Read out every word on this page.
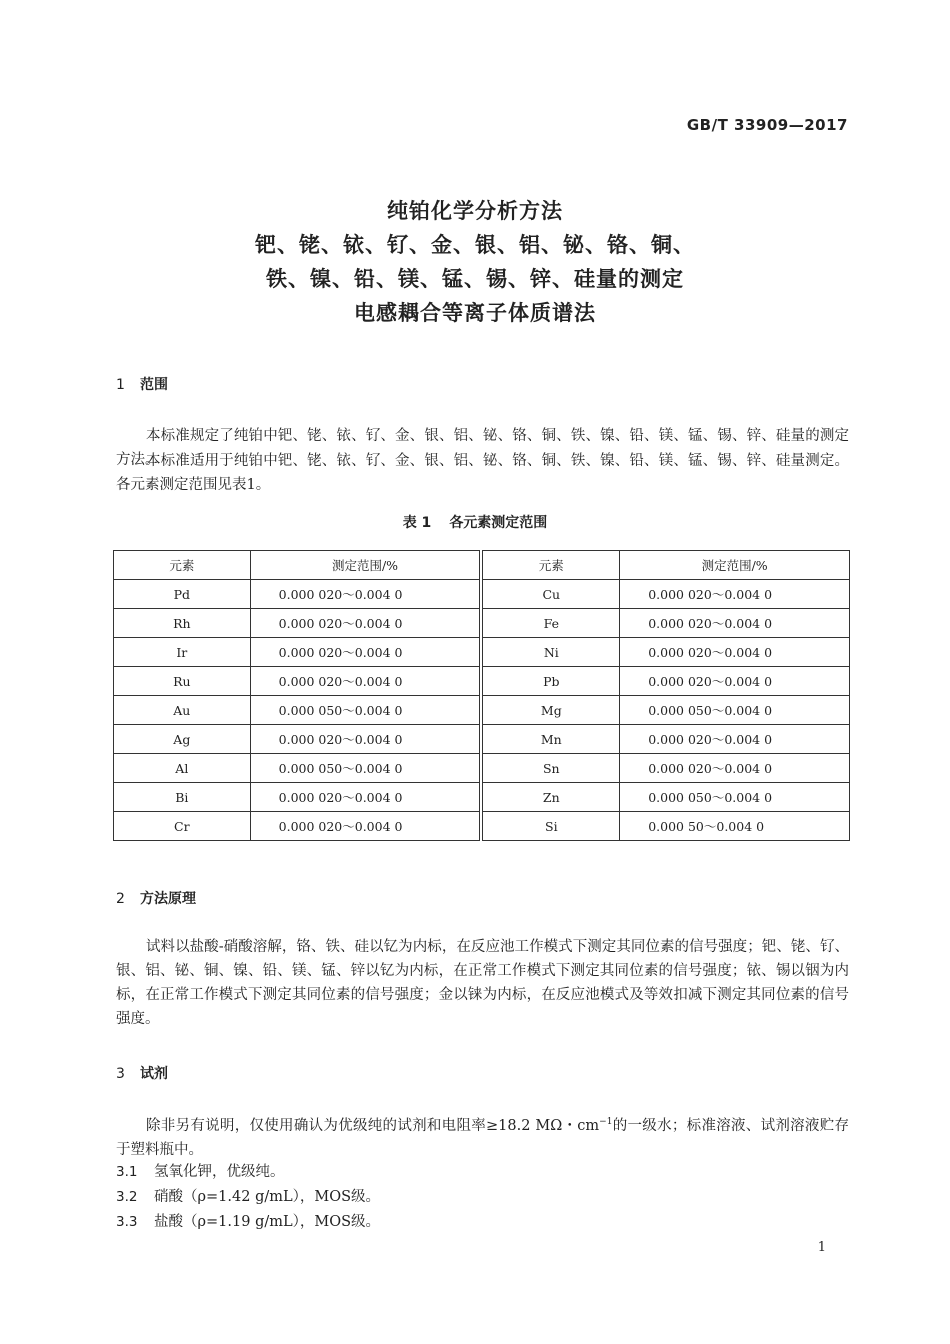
GB/T 33909—2017
纯铂化学分析方法
钯、铑、铱、钌、金、银、铝、铋、铬、铜、
铁、镍、铅、镁、锰、锡、锌、硅量的测定
电感耦合等离子体质谱法
1 范围
本标准规定了纯铂中钯、铑、铱、钌、金、银、铝、铋、铬、铜、铁、镍、铅、镁、锰、锡、锌、硅量的测定方法。
本标准适用于纯铂中钯、铑、铱、钌、金、银、铝、铋、铬、铜、铁、镍、铅、镁、锰、锡、锌、硅量测定。各元素测定范围见表1。
表 1 各元素测定范围
元素	测定范围/%	元素	测定范围/%
Pd	0.000 020～0.004 0	Cu	0.000 020～0.004 0
Rh	0.000 020～0.004 0	Fe	0.000 020～0.004 0
Ir	0.000 020～0.004 0	Ni	0.000 020～0.004 0
Ru	0.000 020～0.004 0	Pb	0.000 020～0.004 0
Au	0.000 050～0.004 0	Mg	0.000 050～0.004 0
Ag	0.000 020～0.004 0	Mn	0.000 020～0.004 0
Al	0.000 050～0.004 0	Sn	0.000 020～0.004 0
Bi	0.000 020～0.004 0	Zn	0.000 050～0.004 0
Cr	0.000 020～0.004 0	Si	0.000 50～0.004 0
2 方法原理
试料以盐酸-硝酸溶解，铬、铁、硅以钇为内标，在反应池工作模式下测定其同位素的信号强度；钯、铑、钌、银、铝、铋、铜、镍、铅、镁、锰、锌以钇为内标，在正常工作模式下测定其同位素的信号强度；铱、锡以铟为内标，在正常工作模式下测定其同位素的信号强度；金以铼为内标，在反应池模式及等效扣减下测定其同位素的信号强度。
3 试剂
除非另有说明，仅使用确认为优级纯的试剂和电阻率≥18.2 MΩ・$cm^{-1}$的一级水；标准溶液、试剂溶液贮存于塑料瓶中。
3.1 氢氧化钾，优级纯。
3.2 硝酸（ρ=1.42 g/mL），MOS级。
3.3 盐酸（ρ=1.19 g/mL），MOS级。
1
